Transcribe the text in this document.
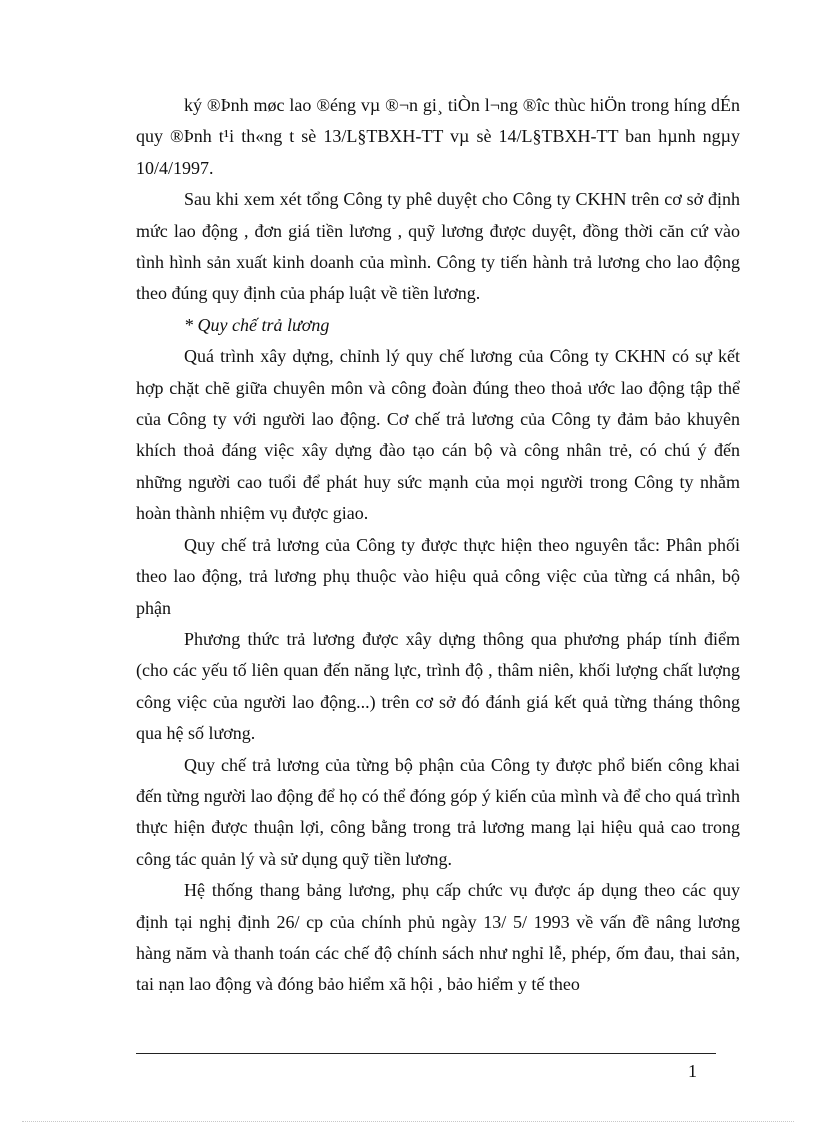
ký ®Þnh møc lao ®éng vµ ®¬n gi¸ tiÒn l¬ng ®îc thùc hiÖn trong híng dÉn quy ®Þnh t¹i th«ng t sè 13/L§TBXH-TT vµ sè 14/L§TBXH-TT ban hµnh ngµy 10/4/1997.

Sau khi xem xét tổng Công ty phê duyệt cho Công ty CKHN trên cơ sở định mức lao động , đơn giá tiền lương , quỹ lương được duyệt, đồng thời căn cứ vào tình hình sản xuất kinh doanh của mình. Công ty tiến hành trả lương cho lao động theo đúng quy định của pháp luật về tiền lương.

* Quy chế trả lương

Quá trình xây dựng, chỉnh lý quy chế lương của Công ty CKHN có sự kết hợp chặt chẽ giữa chuyên môn và công đoàn đúng theo thoả ước lao động tập thể của Công ty với người lao động. Cơ chế trả lương của Công ty đảm bảo khuyên khích thoả đáng việc xây dựng đào tạo cán bộ và công nhân trẻ, có chú ý đến những người cao tuổi để phát huy sức mạnh của mọi người trong Công ty nhằm hoàn thành nhiệm vụ được giao.

Quy chế trả lương của Công ty được thực hiện theo nguyên tắc: Phân phối theo lao động, trả lương phụ thuộc vào hiệu quả công việc của từng cá nhân, bộ phận

Phương thức trả lương được xây dựng thông qua phương pháp tính điểm (cho các yếu tố liên quan đến năng lực, trình độ , thâm niên, khối lượng chất lượng công việc của người lao động...) trên cơ sở đó đánh giá kết quả từng tháng thông qua hệ số lương.

Quy chế trả lương của từng bộ phận của Công ty được phổ biến công khai đến từng người lao động để họ có thể đóng góp ý kiến của mình và để cho quá trình thực hiện được thuận lợi, công bằng trong trả lương mang lại hiệu quả cao trong công tác quản lý và sử dụng quỹ tiền lương.

Hệ thống thang bảng lương, phụ cấp chức vụ được áp dụng theo các quy định tại nghị định 26/ cp của chính phủ ngày 13/ 5/ 1993 về vấn đề nâng lương hàng năm và thanh toán các chế độ chính sách như nghỉ lễ, phép, ốm đau, thai sản, tai nạn lao động và đóng bảo hiểm xã hội , bảo hiểm y tế theo

1
